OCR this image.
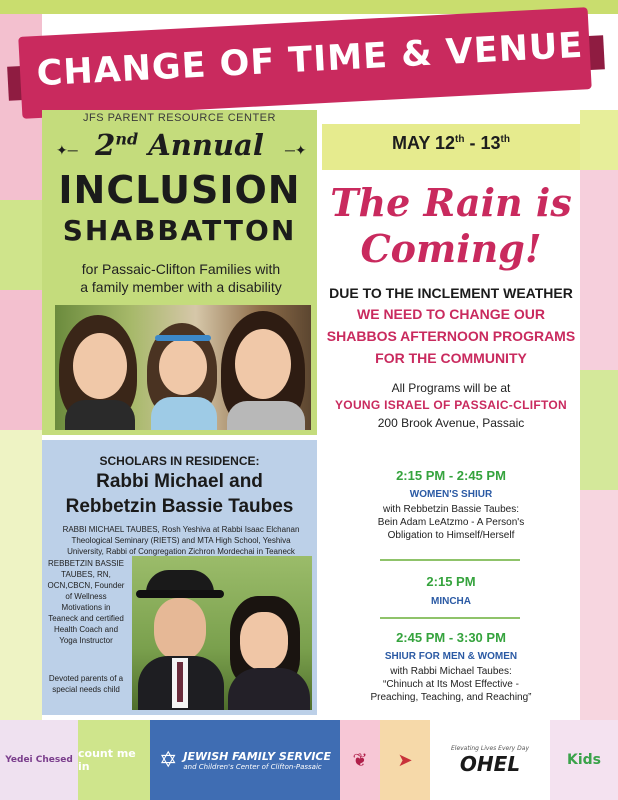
CHANGE OF TIME & VENUE
JFS PARENT RESOURCE CENTER
✦─ 2nd Annual	─✦
INCLUSION
SHABBATTON
for Passaic-Clifton Families with
a family member with a disability
SCHOLARS IN RESIDENCE:
Rabbi Michael and
Rebbetzin Bassie Taubes
RABBI MICHAEL TAUBES, Rosh Yeshiva at Rabbi Isaac Elchanan Theological Seminary (RIETS) and MTA High School, Yeshiva University, Rabbi of Congregation Zichron Mordechai in Teaneck
REBBETZIN BASSIE TAUBES, RN, OCN,CBCN, Founder of Wellness Motivations in Teaneck and certified Health Coach and Yoga Instructor
Devoted parents of a special needs child
MAY 12th - 13th
The Rain is
Coming!
DUE TO THE INCLEMENT WEATHER
WE NEED TO CHANGE OUR
SHABBOS AFTERNOON PROGRAMS
FOR THE COMMUNITY
All Programs will be at
YOUNG ISRAEL OF PASSAIC-CLIFTON
200 Brook Avenue, Passaic
2:15 PM - 2:45 PM
WOMEN'S SHIUR
with Rebbetzin Bassie Taubes:
Bein Adam LeAtzmo - A Person's
Obligation to Himself/Herself
2:15 PM
MINCHA
2:45 PM - 3:30 PM
SHIUR FOR MEN & WOMEN
with Rabbi Michael Taubes:
“Chinuch at Its Most Effective -
Preaching, Teaching, and Reaching”
Yedei Chesed count me in	✡ JEWISH FAMILY SERVICE
and Children's Center of Clifton-Passaic	❦ ➤
Elevating Lives Every Day
OHEL	Kids
